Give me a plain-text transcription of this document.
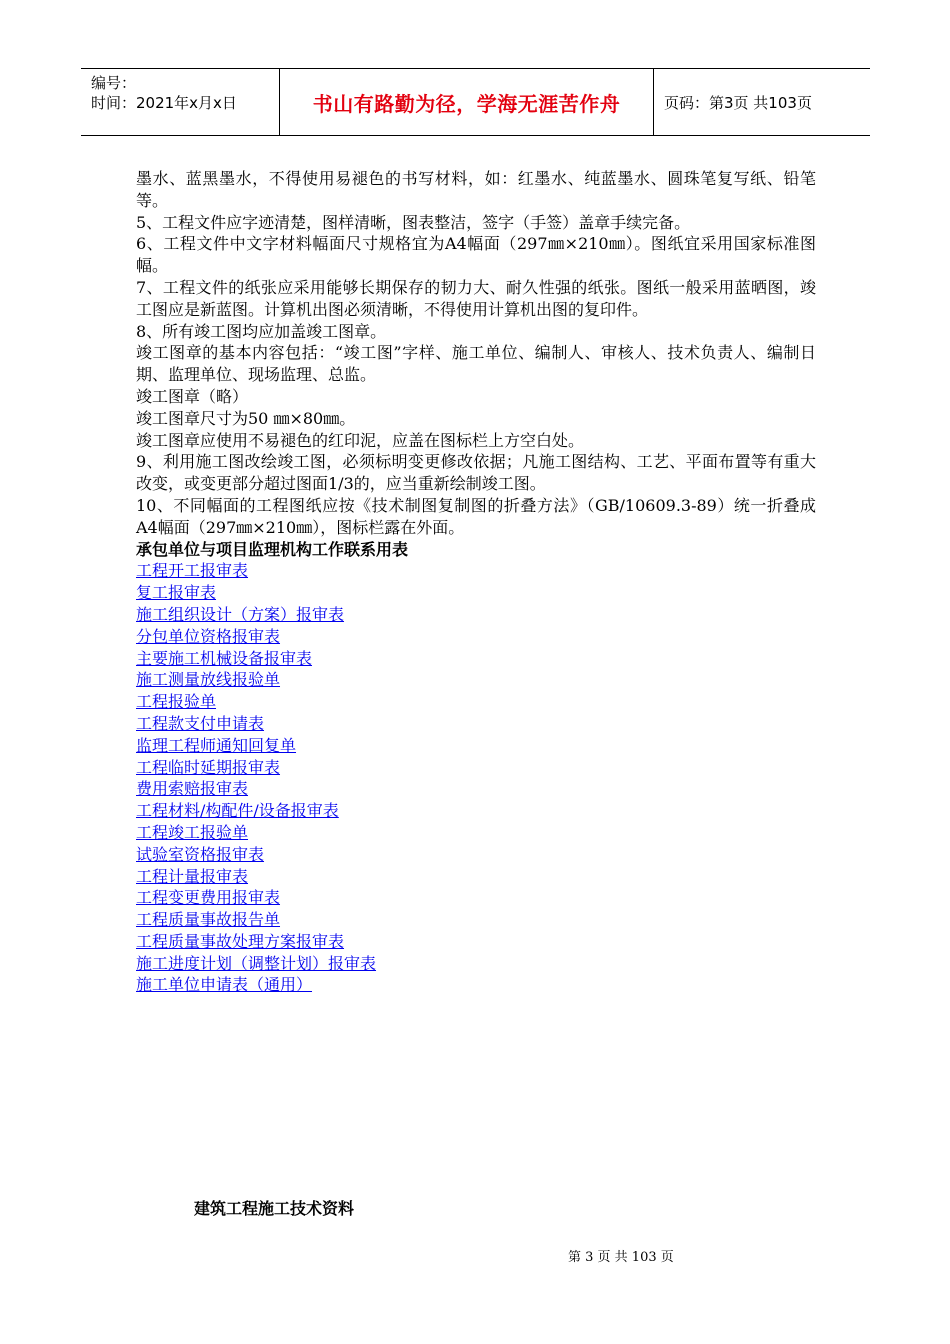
编号：
时间：2021年x月x日	书山有路勤为径，学海无涯苦作舟	页码：第3页 共103页

墨水、蓝黑墨水，不得使用易褪色的书写材料，如：红墨水、纯蓝墨水、圆珠笔复写纸、铅笔等。

5、工程文件应字迹清楚，图样清晰，图表整洁，签字（手签）盖章手续完备。

6、工程文件中文字材料幅面尺寸规格宜为A4幅面（297㎜×210㎜）。图纸宜采用国家标准图幅。

7、工程文件的纸张应采用能够长期保存的韧力大、耐久性强的纸张。图纸一般采用蓝晒图，竣工图应是新蓝图。计算机出图必须清晰，不得使用计算机出图的复印件。

8、所有竣工图均应加盖竣工图章。

竣工图章的基本内容包括：“竣工图”字样、施工单位、编制人、审核人、技术负责人、编制日期、监理单位、现场监理、总监。

竣工图章（略）

竣工图章尺寸为50 ㎜×80㎜。

竣工图章应使用不易褪色的红印泥，应盖在图标栏上方空白处。

9、利用施工图改绘竣工图，必须标明变更修改依据；凡施工图结构、工艺、平面布置等有重大改变，或变更部分超过图面1/3的，应当重新绘制竣工图。

10、不同幅面的工程图纸应按《技术制图复制图的折叠方法》（GB/10609.3-89）统一折叠成A4幅面（297㎜×210㎜），图标栏露在外面。

承包单位与项目监理机构工作联系用表

工程开工报审表
复工报审表
施工组织设计（方案）报审表
分包单位资格报审表
主要施工机械设备报审表
施工测量放线报验单
工程报验单
工程款支付申请表
监理工程师通知回复单
工程临时延期报审表
费用索赔报审表
工程材料/构配件/设备报审表
工程竣工报验单
试验室资格报审表
工程计量报审表
工程变更费用报审表
工程质量事故报告单
工程质量事故处理方案报审表
施工进度计划（调整计划）报审表
施工单位申请表（通用）
建筑工程施工技术资料
第 3 页 共 103 页
